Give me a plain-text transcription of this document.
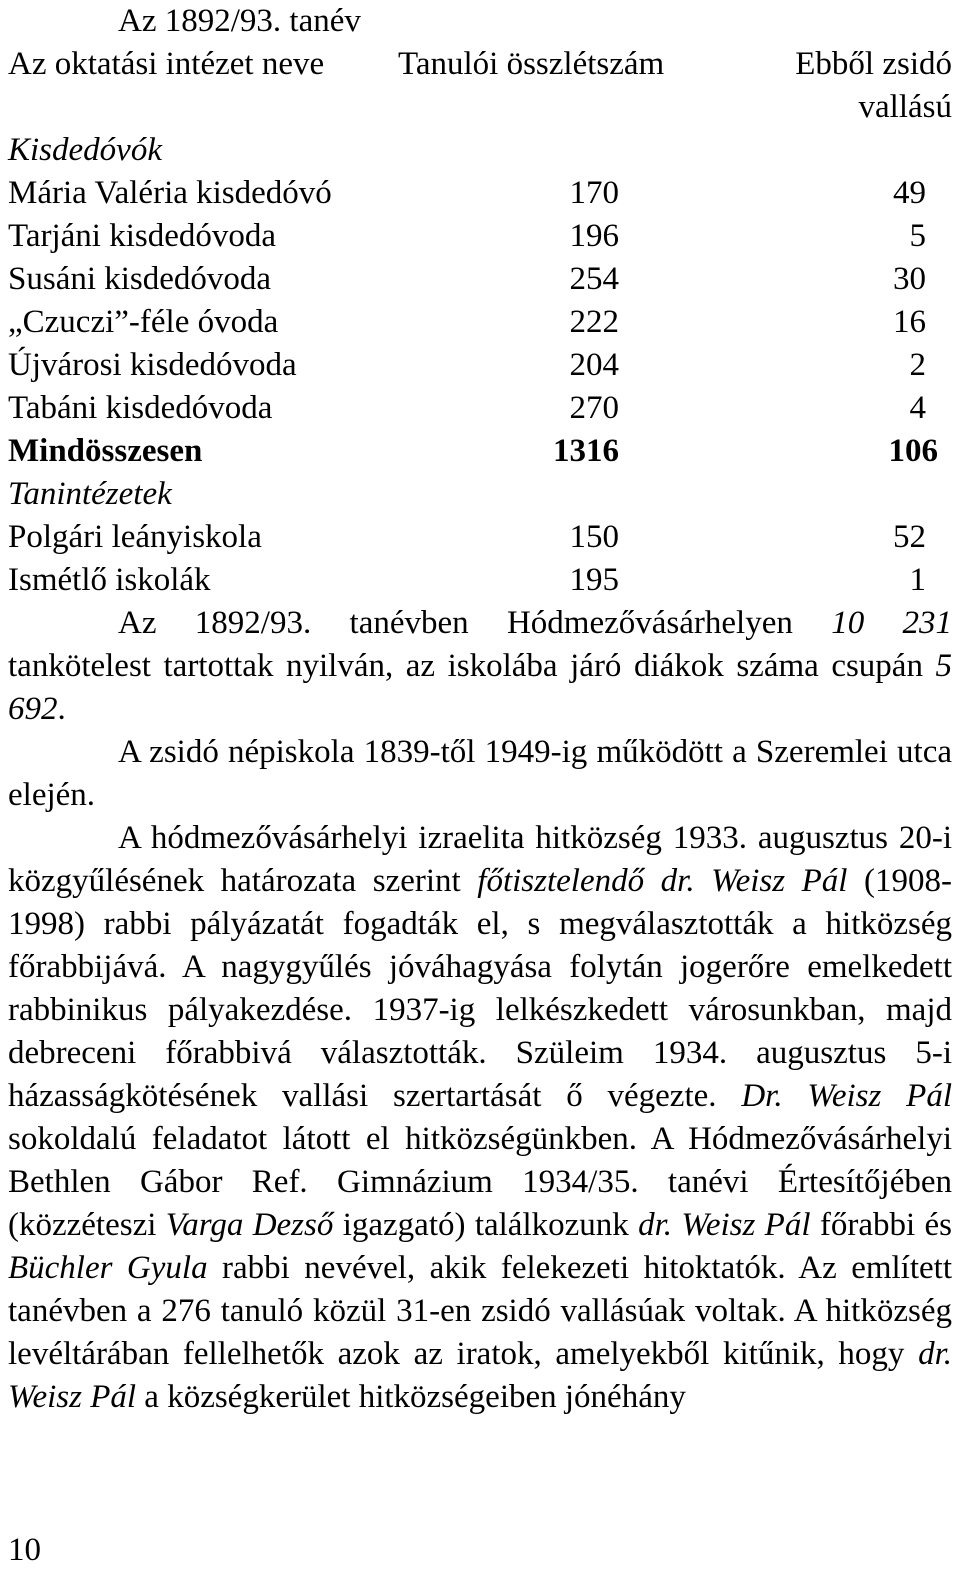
Az 1892/93. tanév
Az oktatási intézet neve	Tanulói összlétszám	Ebből zsidó
		vallású
Kisdedóvók		
Mária Valéria kisdedóvó	170	49
Tarjáni kisdedóvoda	196	5
Susáni kisdedóvoda	254	30
„Czuczi”-féle óvoda	222	16
Újvárosi kisdedóvoda	204	2
Tabáni kisdedóvoda	270	4
Mindösszesen	1316	106
Tanintézetek		
Polgári leányiskola	150	52
Ismétlő iskolák	195	1

Az 1892/93. tanévben Hódmezővásárhelyen 10 231 tankötelest tartottak nyilván, az iskolába járó diákok száma csupán 5 692.

A zsidó népiskola 1839-től 1949-ig működött a Szeremlei utca elején.

A hódmezővásárhelyi izraelita hitközség 1933. augusztus 20-i közgyűlésének határozata szerint főtisztelendő dr. Weisz Pál (1908-1998) rabbi pályázatát fogadták el, s megválasztották a hitközség főrabbijává. A nagygyűlés jóváhagyása folytán jogerőre emelkedett rabbinikus pályakezdése. 1937-ig lelkészkedett városunkban, majd debreceni főrabbivá választották. Szüleim 1934. augusztus 5-i házasságkötésének vallási szertartását ő végezte. Dr. Weisz Pál sokoldalú feladatot látott el hitközségünkben. A Hódmezővásárhelyi Bethlen Gábor Ref. Gimnázium 1934/35. tanévi Értesítőjében (közzéteszi Varga Dezső igazgató) találkozunk dr. Weisz Pál főrabbi és Büchler Gyula rabbi nevével, akik felekezeti hitoktatók. Az említett tanévben a 276 tanuló közül 31-en zsidó vallásúak voltak. A hitközség levéltárában fellelhetők azok az iratok, amelyekből kitűnik, hogy dr. Weisz Pál a községkerület hitközségeiben jónéhány

10
